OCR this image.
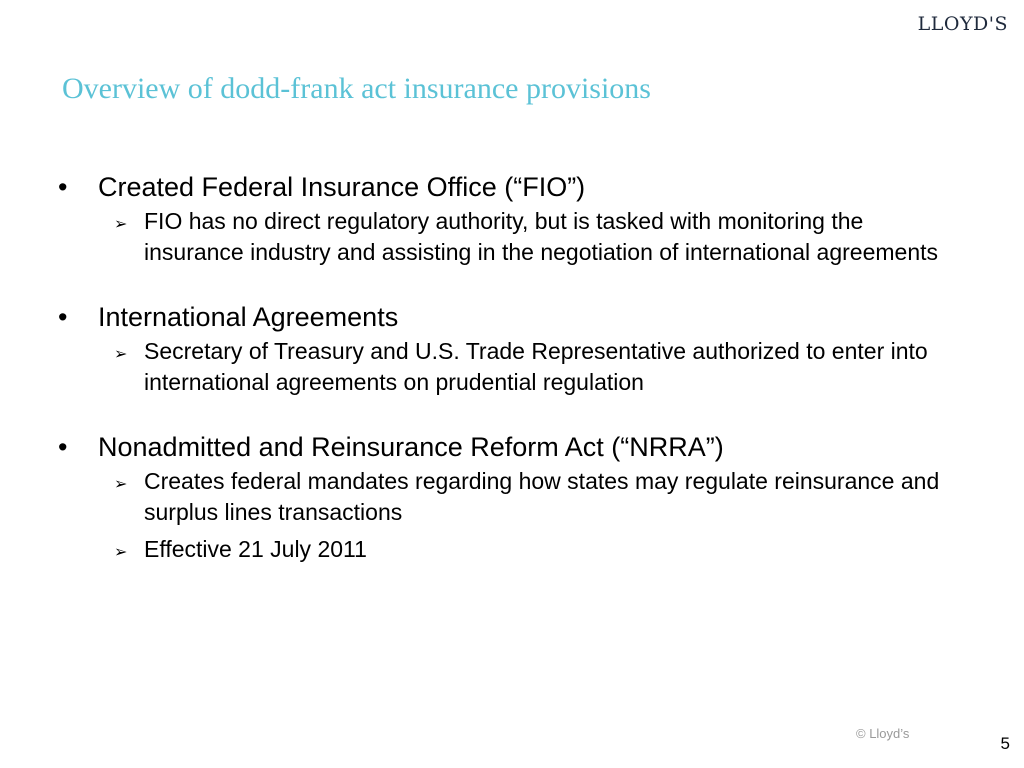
LLOYD'S
Overview of dodd-frank act insurance provisions
•	Created Federal Insurance Office (“FIO”)
➢ FIO has no direct regulatory authority, but is tasked with monitoring the insurance industry and assisting in the negotiation of international agreements
•	International Agreements
➢ Secretary of Treasury and U.S. Trade Representative authorized to enter into international agreements on prudential regulation
•	Nonadmitted and Reinsurance Reform Act (“NRRA”)
➢ Creates federal mandates regarding how states may regulate reinsurance and surplus lines transactions
➢ Effective 21 July 2011
© Lloyd’s
5
